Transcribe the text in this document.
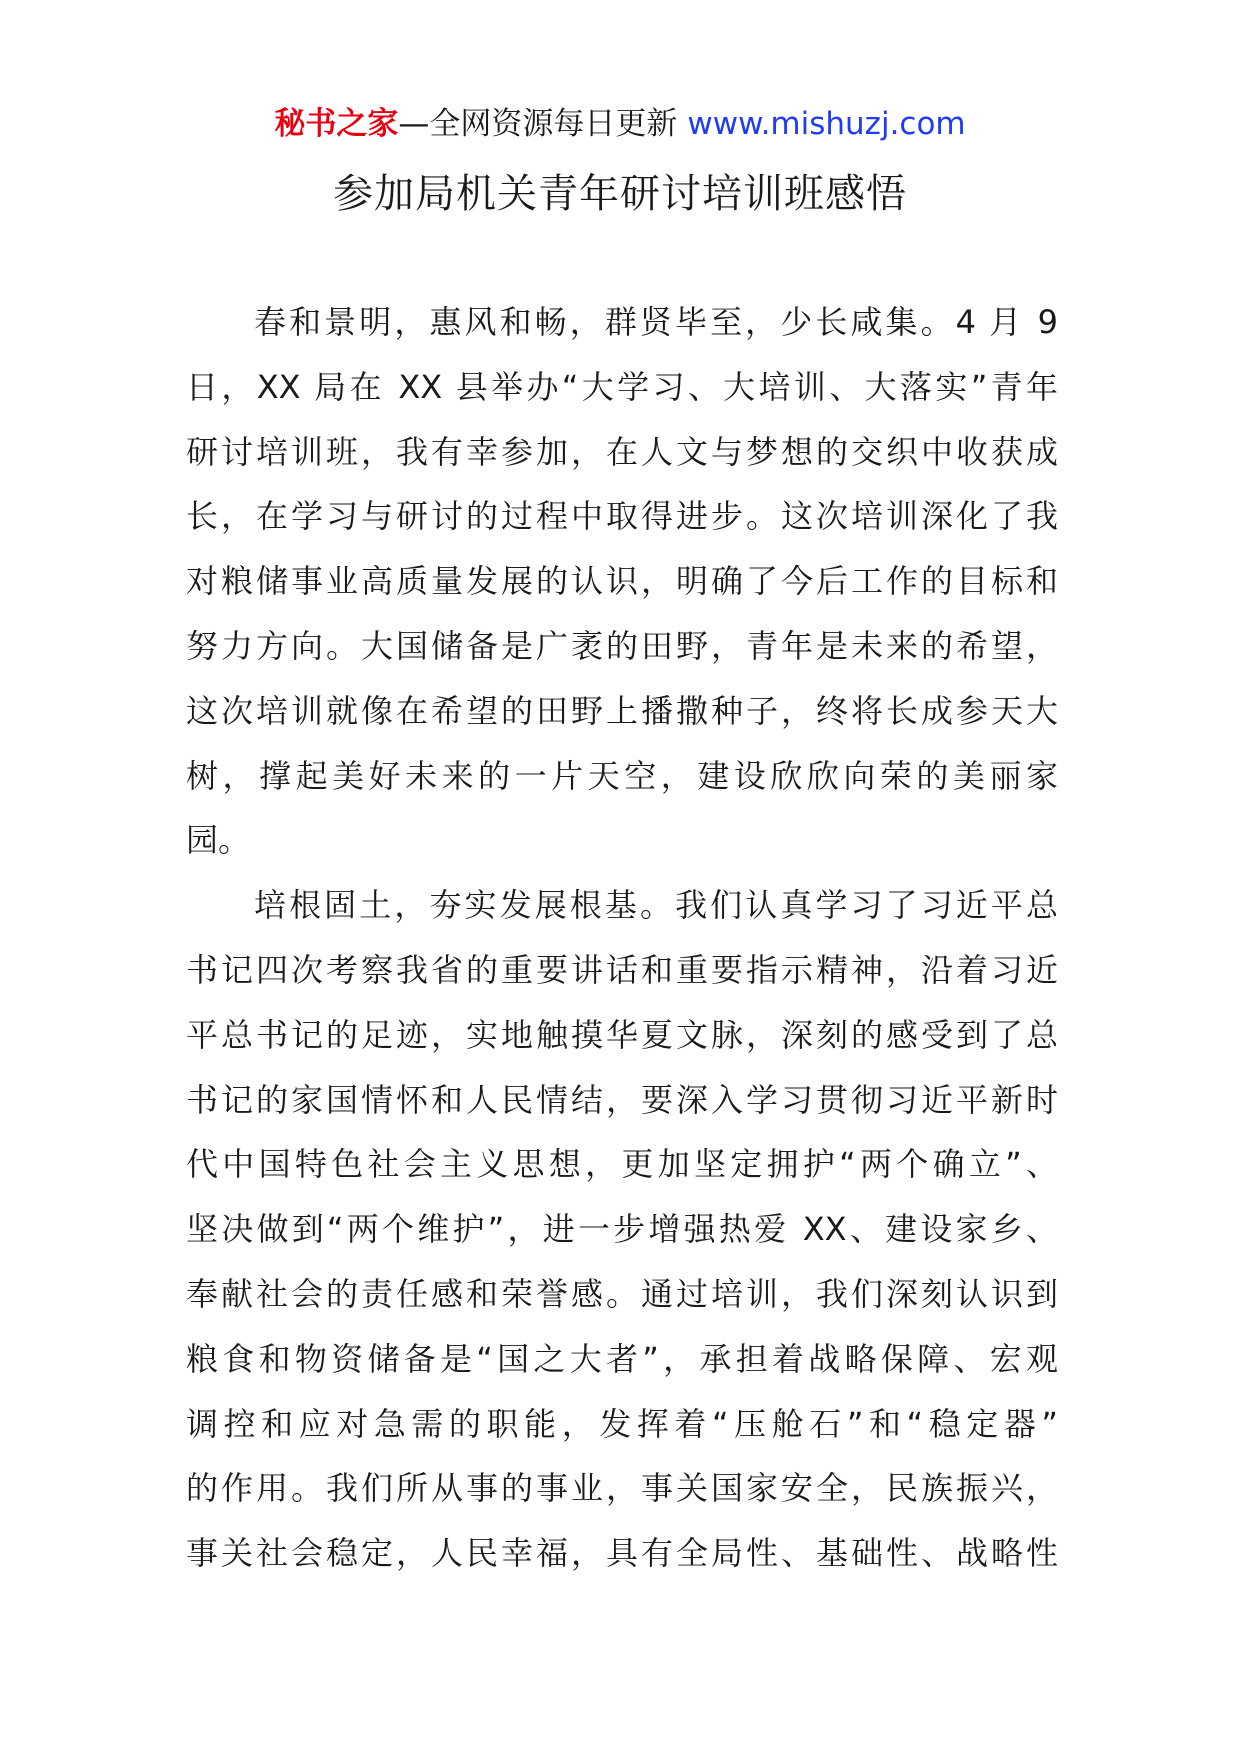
秘书之家—全网资源每日更新 www.mishuzj.com
参加局机关青年研讨培训班感悟
春和景明，惠风和畅，群贤毕至，少长咸集。4 月 9
日，XX 局在 XX 县举办“大学习、大培训、大落实”青年
研讨培训班，我有幸参加，在人文与梦想的交织中收获成
长，在学习与研讨的过程中取得进步。这次培训深化了我
对粮储事业高质量发展的认识，明确了今后工作的目标和
努力方向。大国储备是广袤的田野，青年是未来的希望，
这次培训就像在希望的田野上播撒种子，终将长成参天大
树，撑起美好未来的一片天空，建设欣欣向荣的美丽家
园。
培根固土，夯实发展根基。我们认真学习了习近平总
书记四次考察我省的重要讲话和重要指示精神，沿着习近
平总书记的足迹，实地触摸华夏文脉，深刻的感受到了总
书记的家国情怀和人民情结，要深入学习贯彻习近平新时
代中国特色社会主义思想，更加坚定拥护“两个确立”、
坚决做到“两个维护”，进一步增强热爱 XX、建设家乡、
奉献社会的责任感和荣誉感。通过培训，我们深刻认识到
粮食和物资储备是“国之大者”，承担着战略保障、宏观
调控和应对急需的职能，发挥着“压舱石”和“稳定器”
的作用。我们所从事的事业，事关国家安全，民族振兴，
事关社会稳定，人民幸福，具有全局性、基础性、战略性
